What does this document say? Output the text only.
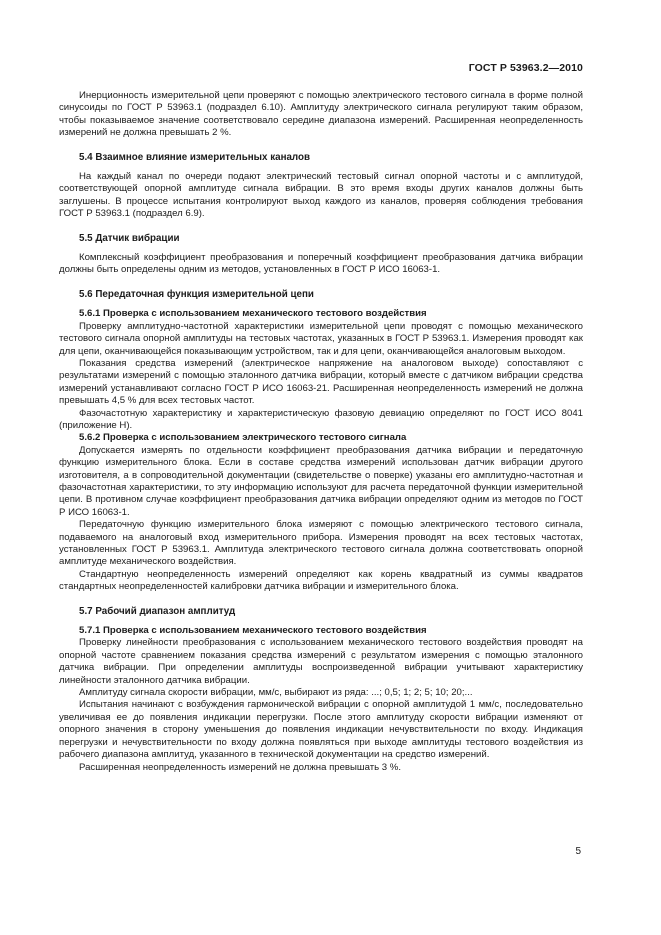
ГОСТ Р 53963.2—2010

Инерционность измерительной цепи проверяют с помощью электрического тестового сигнала в форме полной синусоиды по ГОСТ Р 53963.1 (подраздел 6.10). Амплитуду электрического сигнала регулируют таким образом, чтобы показываемое значение соответствовало середине диапазона измерений. Расширенная неопределенность измерений не должна превышать 2 %.

5.4 Взаимное влияние измерительных каналов

На каждый канал по очереди подают электрический тестовый сигнал опорной частоты и с амплитудой, соответствующей опорной амплитуде сигнала вибрации. В это время входы других каналов должны быть заглушены. В процессе испытания контролируют выход каждого из каналов, проверяя соблюдения требования ГОСТ Р 53963.1 (подраздел 6.9).

5.5 Датчик вибрации

Комплексный коэффициент преобразования и поперечный коэффициент преобразования датчика вибрации должны быть определены одним из методов, установленных в ГОСТ Р ИСО 16063-1.

5.6 Передаточная функция измерительной цепи
5.6.1 Проверка с использованием механического тестового воздействия

Проверку амплитудно-частотной характеристики измерительной цепи проводят с помощью механического тестового сигнала опорной амплитуды на тестовых частотах, указанных в ГОСТ Р 53963.1. Измерения проводят как для цепи, оканчивающейся показывающим устройством, так и для цепи, оканчивающейся аналоговым выходом.

Показания средства измерений (электрическое напряжение на аналоговом выходе) сопоставляют с результатами измерений с помощью эталонного датчика вибрации, который вместе с датчиком вибрации средства измерений устанавливают согласно ГОСТ Р ИСО 16063-21. Расширенная неопределенность измерений не должна превышать 4,5 % для всех тестовых частот.

Фазочастотную характеристику и характеристическую фазовую девиацию определяют по ГОСТ ИСО 8041 (приложение Н).

5.6.2 Проверка с использованием электрического тестового сигнала

Допускается измерять по отдельности коэффициент преобразования датчика вибрации и передаточную функцию измерительного блока. Если в составе средства измерений использован датчик вибрации другого изготовителя, а в сопроводительной документации (свидетельстве о поверке) указаны его амплитудно-частотная и фазочастотная характеристики, то эту информацию используют для расчета передаточной функции измерительной цепи. В противном случае коэффициент преобразования датчика вибрации определяют одним из методов по ГОСТ Р ИСО 16063-1.

Передаточную функцию измерительного блока измеряют с помощью электрического тестового сигнала, подаваемого на аналоговый вход измерительного прибора. Измерения проводят на всех тестовых частотах, установленных ГОСТ Р 53963.1. Амплитуда электрического тестового сигнала должна соответствовать опорной амплитуде механического воздействия.

Стандартную неопределенность измерений определяют как корень квадратный из суммы квадратов стандартных неопределенностей калибровки датчика вибрации и измерительного блока.

5.7 Рабочий диапазон амплитуд
5.7.1 Проверка с использованием механического тестового воздействия

Проверку линейности преобразования с использованием механического тестового воздействия проводят на опорной частоте сравнением показания средства измерений с результатом измерения с помощью эталонного датчика вибрации. При определении амплитуды воспроизведенной вибрации учитывают характеристику линейности эталонного датчика вибрации.

Амплитуду сигнала скорости вибрации, мм/с, выбирают из ряда: ...; 0,5; 1; 2; 5; 10; 20;...

Испытания начинают с возбуждения гармонической вибрации с опорной амплитудой 1 мм/с, последовательно увеличивая ее до появления индикации перегрузки. После этого амплитуду скорости вибрации изменяют от опорного значения в сторону уменьшения до появления индикации нечувствительности по входу. Индикация перегрузки и нечувствительности по входу должна появляться при выходе амплитуды тестового воздействия из рабочего диапазона амплитуд, указанного в технической документации на средство измерений.

Расширенная неопределенность измерений не должна превышать 3 %.

5
